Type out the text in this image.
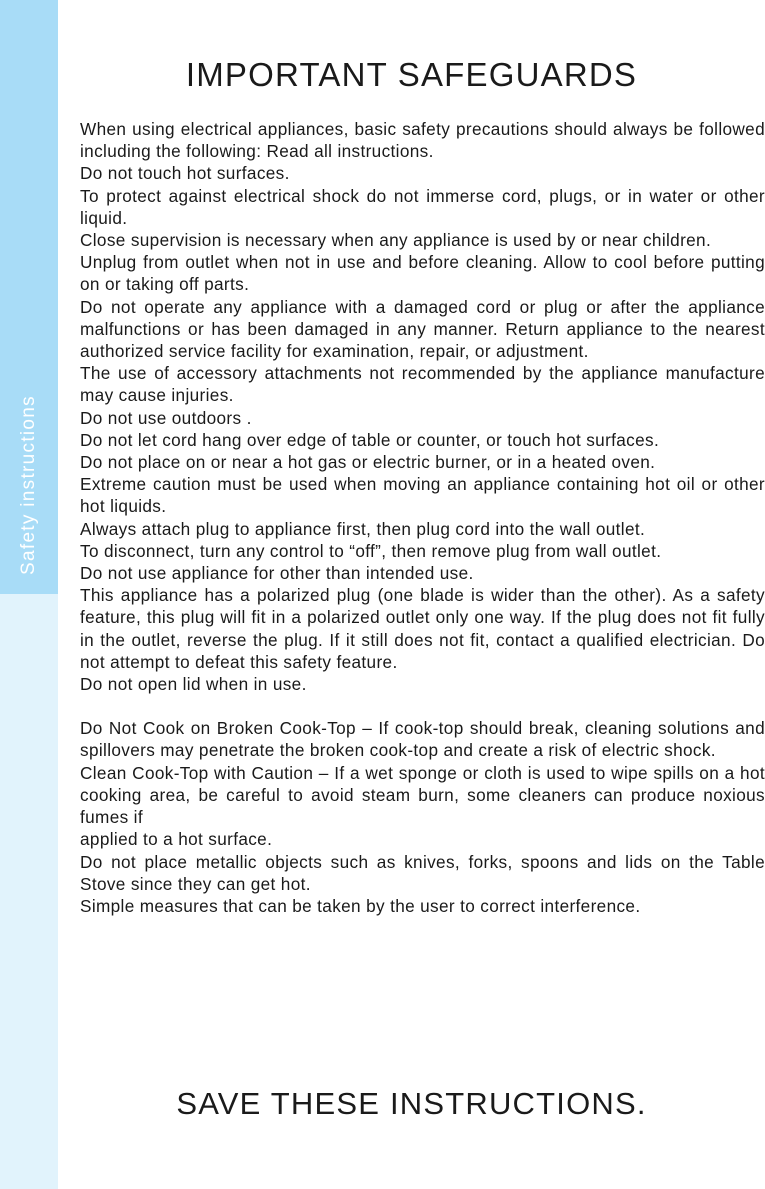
Safety instructions
IMPORTANT SAFEGUARDS

When using electrical appliances, basic safety precautions should always be followed including the following: Read all instructions.

Do not touch hot surfaces.

To protect against electrical shock do not immerse cord, plugs, or in water or other liquid.

Close supervision is necessary when any appliance is used by or near children.

Unplug from outlet when not in use and before cleaning. Allow to cool before putting on or taking off parts.

Do not operate any appliance with a damaged cord or plug or after the appliance malfunctions or has been damaged in any manner. Return appliance to the nearest authorized service facility for examination, repair, or adjustment.

The use of accessory attachments not recommended by the appliance manufacture may cause injuries.

Do not use outdoors .

Do not let cord hang over edge of table or counter, or touch hot surfaces.

Do not place on or near a hot gas or electric burner, or in a heated oven.

Extreme caution must be used when moving an appliance containing hot oil or other hot liquids.

Always attach plug to appliance first, then plug cord into the wall outlet.

To disconnect, turn any control to “off”, then remove plug from wall outlet.

Do not use appliance for other than intended use.

This appliance has a polarized plug (one blade is wider than the other). As a safety feature, this plug will fit in a polarized outlet only one way. If the plug does not fit fully in the outlet, reverse the plug. If it still does not fit, contact a qualified electrician. Do not attempt to defeat this safety feature.

Do not open lid when in use.

Do Not Cook on Broken Cook-Top – If cook-top should break, cleaning solutions and spillovers may penetrate the broken cook-top and create a risk of electric shock.

Clean Cook-Top with Caution – If a wet sponge or cloth is used to wipe spills on a hot cooking area, be careful to avoid steam burn, some cleaners can produce noxious fumes if

applied to a hot surface.

Do not place metallic objects such as knives, forks, spoons and lids on the Table Stove since they can get hot.

Simple measures that can be taken by the user to correct interference.

SAVE THESE INSTRUCTIONS.
